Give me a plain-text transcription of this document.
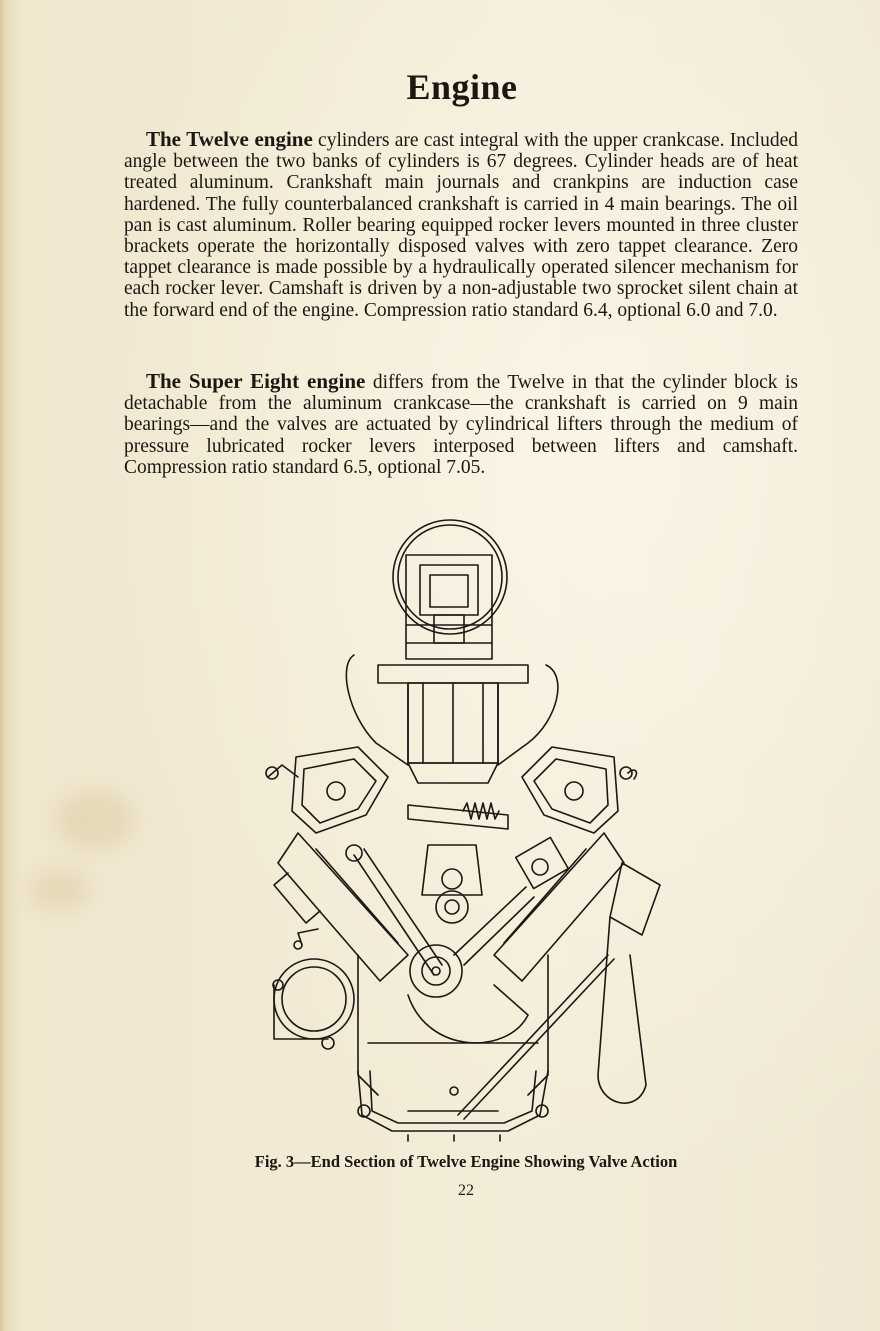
Engine

The Twelve engine cylinders are cast integral with the upper crankcase. Included angle between the two banks of cylinders is 67 degrees. Cylinder heads are of heat treated aluminum. Crankshaft main journals and crankpins are induction case hardened. The fully counterbalanced crankshaft is carried in 4 main bearings. The oil pan is cast aluminum. Roller bearing equipped rocker levers mounted in three cluster brackets operate the horizontally disposed valves with zero tappet clearance. Zero tappet clearance is made possible by a hydraulically operated silencer mechanism for each rocker lever. Camshaft is driven by a non-adjustable two sprocket silent chain at the forward end of the engine. Compression ratio standard 6.4, optional 6.0 and 7.0.

The Super Eight engine differs from the Twelve in that the cylinder block is detachable from the aluminum crankcase—the crankshaft is carried on 9 main bearings—and the valves are actuated by cylindrical lifters through the medium of pressure lubricated rocker levers interposed between lifters and camshaft. Compression ratio standard 6.5, optional 7.05.

Fig. 3—End Section of Twelve Engine Showing Valve Action
22
